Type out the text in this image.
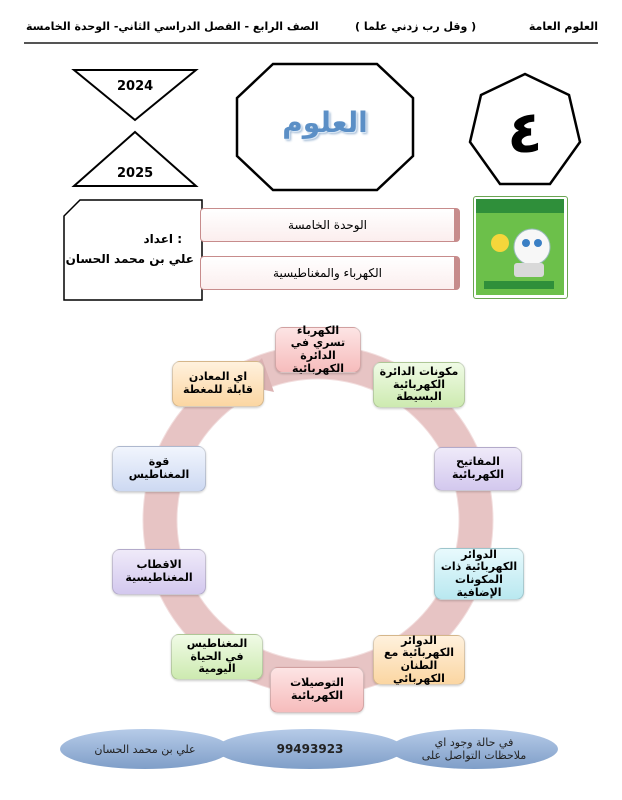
العلوم العامة
( وقل رب زدني علما )
الصف الرابع - الفصل الدراسي الثاني- الوحدة الخامسة
2024
2025
العلوم	٤
اعداد :
علي بن محمد الحسان
الوحدة الخامسة
الكهرباء والمغناطيسية
الكهرباء تسري في الدائرة الكهربائية	مكونات الدائرة الكهربائية البسيطة
المفاتيح الكهربائية
الدوائر الكهربائية ذات المكونات الإضافية
الدوائر الكهربائية مع الطنان الكهربائي
التوصيلات الكهربائية
المغناطيس في الحياة اليومية
الاقطاب المغناطيسية
قوة المغناطيس
اي المعادن قابلة للمغطة
في حالة وجود اي ملاحظات التواصل على
99493923
علي بن محمد الحسان
